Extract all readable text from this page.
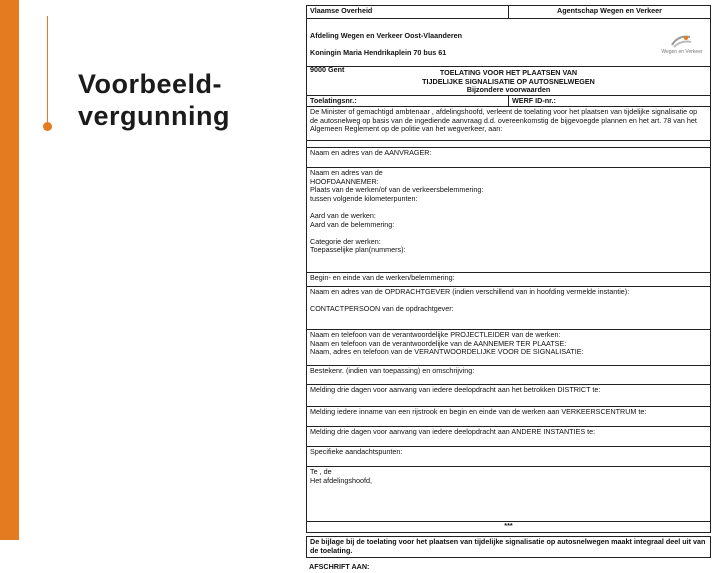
Voorbeeld-vergunning
Vlaamse Overheid	Agentschap Wegen en Verkeer

Afdeling Wegen en Verkeer Oost-Vlaanderen

Koningin Maria Hendrikaplein 70 bus 61

9000 Gent

Wegen en Verkeer
TOELATING VOOR HET PLAATSEN VAN
TIJDELIJKE SIGNALISATIE OP AUTOSNELWEGEN
Bijzondere voorwaarden
Toelatingsnr.:	WERF ID-nr.:
De Minister of gemachtigd ambtenaar , afdelingshoofd, verleent de toelating voor het plaatsen van tijdelijke signalisatie op de autosnelweg op basis van de ingediende aanvraag d.d. overeenkomstig de bijgevoegde plannen en het art. 78 van het Algemeen Reglement op de politie van het wegverkeer, aan:
Naam en adres van de AANVRAGER:
Naam en adres van de
HOOFDAANNEMER:
Plaats van de werken/of van de verkeersbelemmering:
tussen volgende kilometerpunten:

Aard van de werken:
Aard van de belemmering:

Categorie der werken:
Toepasselijke plan(nummers):
Begin- en einde van de werken/belemmering:
Naam en adres van de OPDRACHTGEVER (indien verschillend van in hoofding vermelde instantie):

CONTACTPERSOON van de opdrachtgever:
Naam en telefoon van de verantwoordelijke PROJECTLEIDER van de werken:
Naam en telefoon van de verantwoordelijke van de AANNEMER TER PLAATSE:
Naam, adres en telefoon van de VERANTWOORDELIJKE VOOR DE SIGNALISATIE:
Bestekenr. (indien van toepassing) en omschrijving:
Melding drie dagen voor aanvang van iedere deelopdracht aan het betrokken DISTRICT te:
Melding iedere inname van een rijstrook en begin en einde van de werken aan VERKEERSCENTRUM te:
Melding drie dagen voor aanvang van iedere deelopdracht aan ANDERE INSTANTIES te:
Specifieke aandachtspunten:
Te , de
Het afdelingshoofd,
***
De bijlage bij de toelating voor het plaatsen van tijdelijke signalisatie op autosnelwegen maakt integraal deel uit van de toelating.
AFSCHRIFT AAN:
